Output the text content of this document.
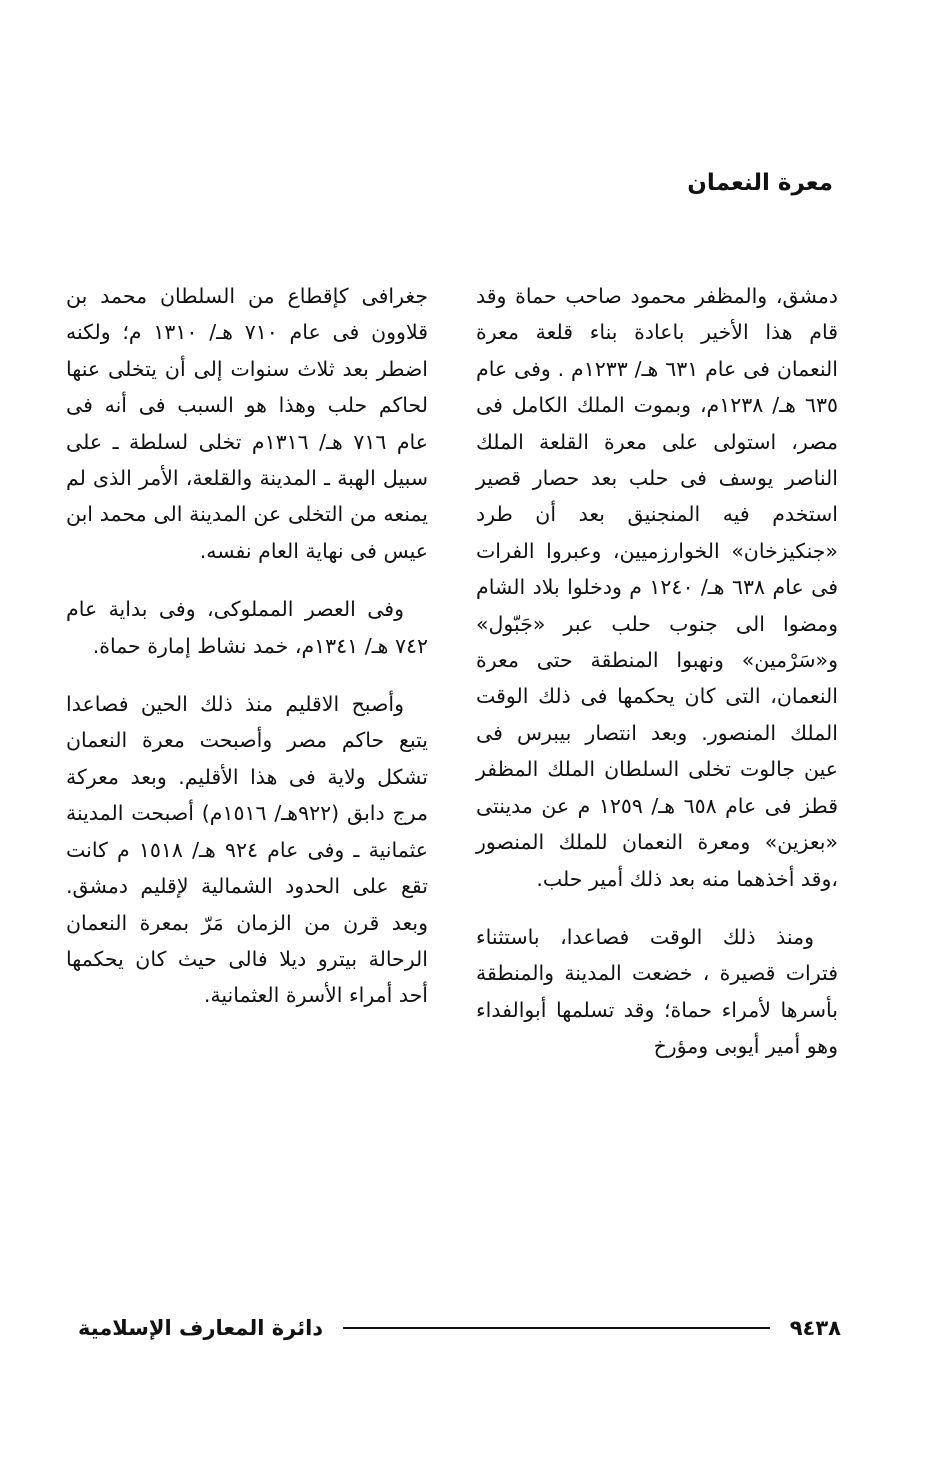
معرة النعمان

دمشق، والمظفر محمود صاحب حماة وقد قام هذا الأخير باعادة بناء قلعة معرة النعمان فى عام ٦٣١ هـ/ ١٢٣٣م . وفى عام ٦٣٥ هـ/ ١٢٣٨م، وبموت الملك الكامل فى مصر، استولى على معرة القلعة الملك الناصر يوسف فى حلب بعد حصار قصير استخدم فيه المنجنيق بعد أن طرد «جنكيزخان» الخوارزميين، وعبروا الفرات فى عام ٦٣٨ هـ/ ١٢٤٠ م ودخلوا بلاد الشام ومضوا الى جنوب حلب عبر «جَبّول» و«سَرْمين» ونهبوا المنطقة حتى معرة النعمان، التى كان يحكمها فى ذلك الوقت الملك المنصور. وبعد انتصار بيبرس فى عين جالوت تخلى السلطان الملك المظفر قطز فى عام ٦٥٨ هـ/ ١٢٥٩ م عن مدينتى «بعزين» ومعرة النعمان للملك المنصور ،وقد أخذهما منه بعد ذلك أمير حلب.

ومنذ ذلك الوقت فصاعدا، باستثناء فترات قصيرة ، خضعت المدينة والمنطقة بأسرها لأمراء حماة؛ وقد تسلمها أبوالفداء وهو أمير أيوبى ومؤرخ

جغرافى كإقطاع من السلطان محمد بن قلاوون فى عام ٧١٠ هـ/ ١٣١٠ م؛ ولكنه اضطر بعد ثلاث سنوات إلى أن يتخلى عنها لحاكم حلب وهذا هو السبب فى أنه فى عام ٧١٦ هـ/ ١٣١٦م تخلى لسلطة ـ على سبيل الهبة ـ المدينة والقلعة، الأمر الذى لم يمنعه من التخلى عن المدينة الى محمد ابن عيس فى نهاية العام نفسه.

وفى العصر المملوكى، وفى بداية عام ٧٤٢ هـ/ ١٣٤١م، خمد نشاط إمارة حماة.

وأصبح الاقليم منذ ذلك الحين فصاعدا يتبع حاكم مصر وأصبحت معرة النعمان تشكل ولاية فى هذا الأقليم. وبعد معركة مرج دابق (٩٢٢هـ/ ١٥١٦م) أصبحت المدينة عثمانية ـ وفى عام ٩٢٤ هـ/ ١٥١٨ م كانت تقع على الحدود الشمالية لإقليم دمشق. وبعد قرن من الزمان مَرّ بمعرة النعمان الرحالة بيترو ديلا فالى حيث كان يحكمها أحد أمراء الأسرة العثمانية.

٩٤٣٨
دائرة المعارف الإسلامية
